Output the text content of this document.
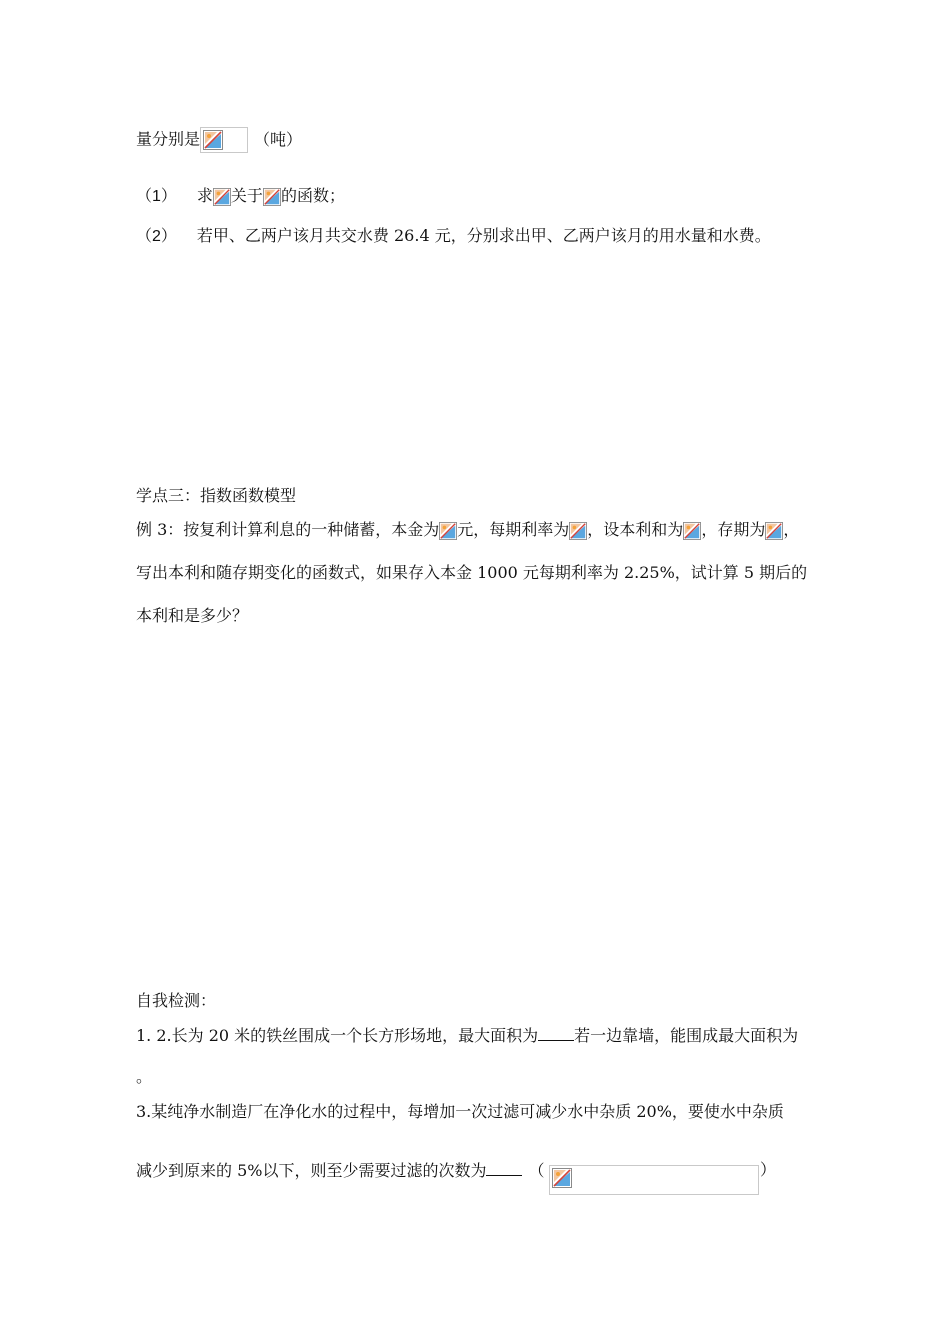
量分别是	（吨）
（1） 求 关于 的函数；
（2） 若甲、乙两户该月共交水费 26.4 元，分别求出甲、乙两户该月的用水量和水费。
学点三：指数函数模型
例 3：按复利计算利息的一种储蓄，本金为 元，每期利率为 ，设本利和为 ，存期为 ，
写出本利和随存期变化的函数式，如果存入本金 1000 元每期利率为 2.25%，试计算 5 期后的
本利和是多少？
自我检测：
1. 2.长为 20 米的铁丝围成一个长方形场地，最大面积为 若一边靠墙，能围成最大面积为
。
3.某纯净水制造厂在净化水的过程中，每增加一次过滤可减少水中杂质 20%，要使水中杂质
减少到原来的 5%以下，则至少需要过滤的次数为	（	）
